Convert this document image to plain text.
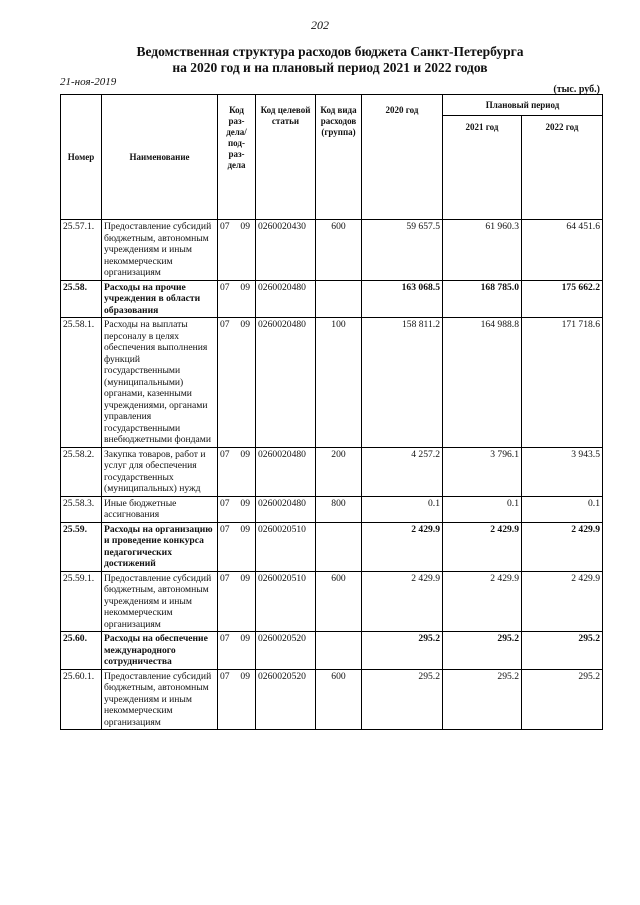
202
Ведомственная структура расходов бюджета Санкт-Петербурга
на 2020 год и на плановый период 2021 и 2022 годов
21-ноя-2019
(тыс. руб.)
Номер	Наименование	Код раз- дела/ под- раз- дела	Код целевой статьи	Код вида расходов (группа)	2020 год	Плановый период	
						2021 год	2022 год
25.57.1.	Предоставление субсидий бюджетным, автономным учреждениям и иным некоммерческим организациям	07 09	0260020430	600	59 657.5	61 960.3	64 451.6
25.58.	Расходы на прочие учреждения в области образования	07 09	0260020480		163 068.5	168 785.0	175 662.2
25.58.1.	Расходы на выплаты персоналу в целях обеспечения выполнения функций государственными (муниципальными) органами, казенными учреждениями, органами управления государственными внебюджетными фондами	07 09	0260020480	100	158 811.2	164 988.8	171 718.6
25.58.2.	Закупка товаров, работ и услуг для обеспечения государственных (муниципальных) нужд	07 09	0260020480	200	4 257.2	3 796.1	3 943.5
25.58.3.	Иные бюджетные ассигнования	07 09	0260020480	800	0.1	0.1	0.1
25.59.	Расходы на организацию и проведение конкурса педагогических достижений	07 09	0260020510		2 429.9	2 429.9	2 429.9
25.59.1.	Предоставление субсидий бюджетным, автономным учреждениям и иным некоммерческим организациям	07 09	0260020510	600	2 429.9	2 429.9	2 429.9
25.60.	Расходы на обеспечение международного сотрудничества	07 09	0260020520		295.2	295.2	295.2
25.60.1.	Предоставление субсидий бюджетным, автономным учреждениям и иным некоммерческим организациям	07 09	0260020520	600	295.2	295.2	295.2
